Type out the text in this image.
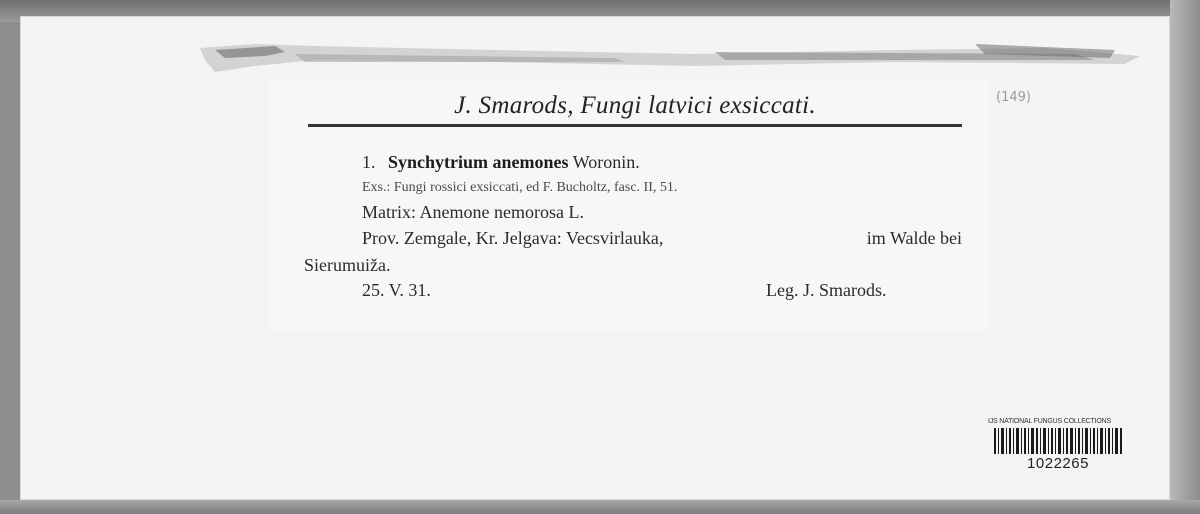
(149)
J. Smarods, Fungi latvici exsiccati.
1. Synchytrium anemones Woronin.
Exs.: Fungi rossici exsiccati, ed F. Bucholtz, fasc. II, 51.
Matrix: Anemone nemorosa L.
Prov. Zemgale, Kr. Jelgava: Vecsvirlauka,	im Walde bei
Sierumuiža.
25. V. 31.	Leg. J. Smarods.
IJS NATIONAL FUNGUS COLLECTIONS
1022265
